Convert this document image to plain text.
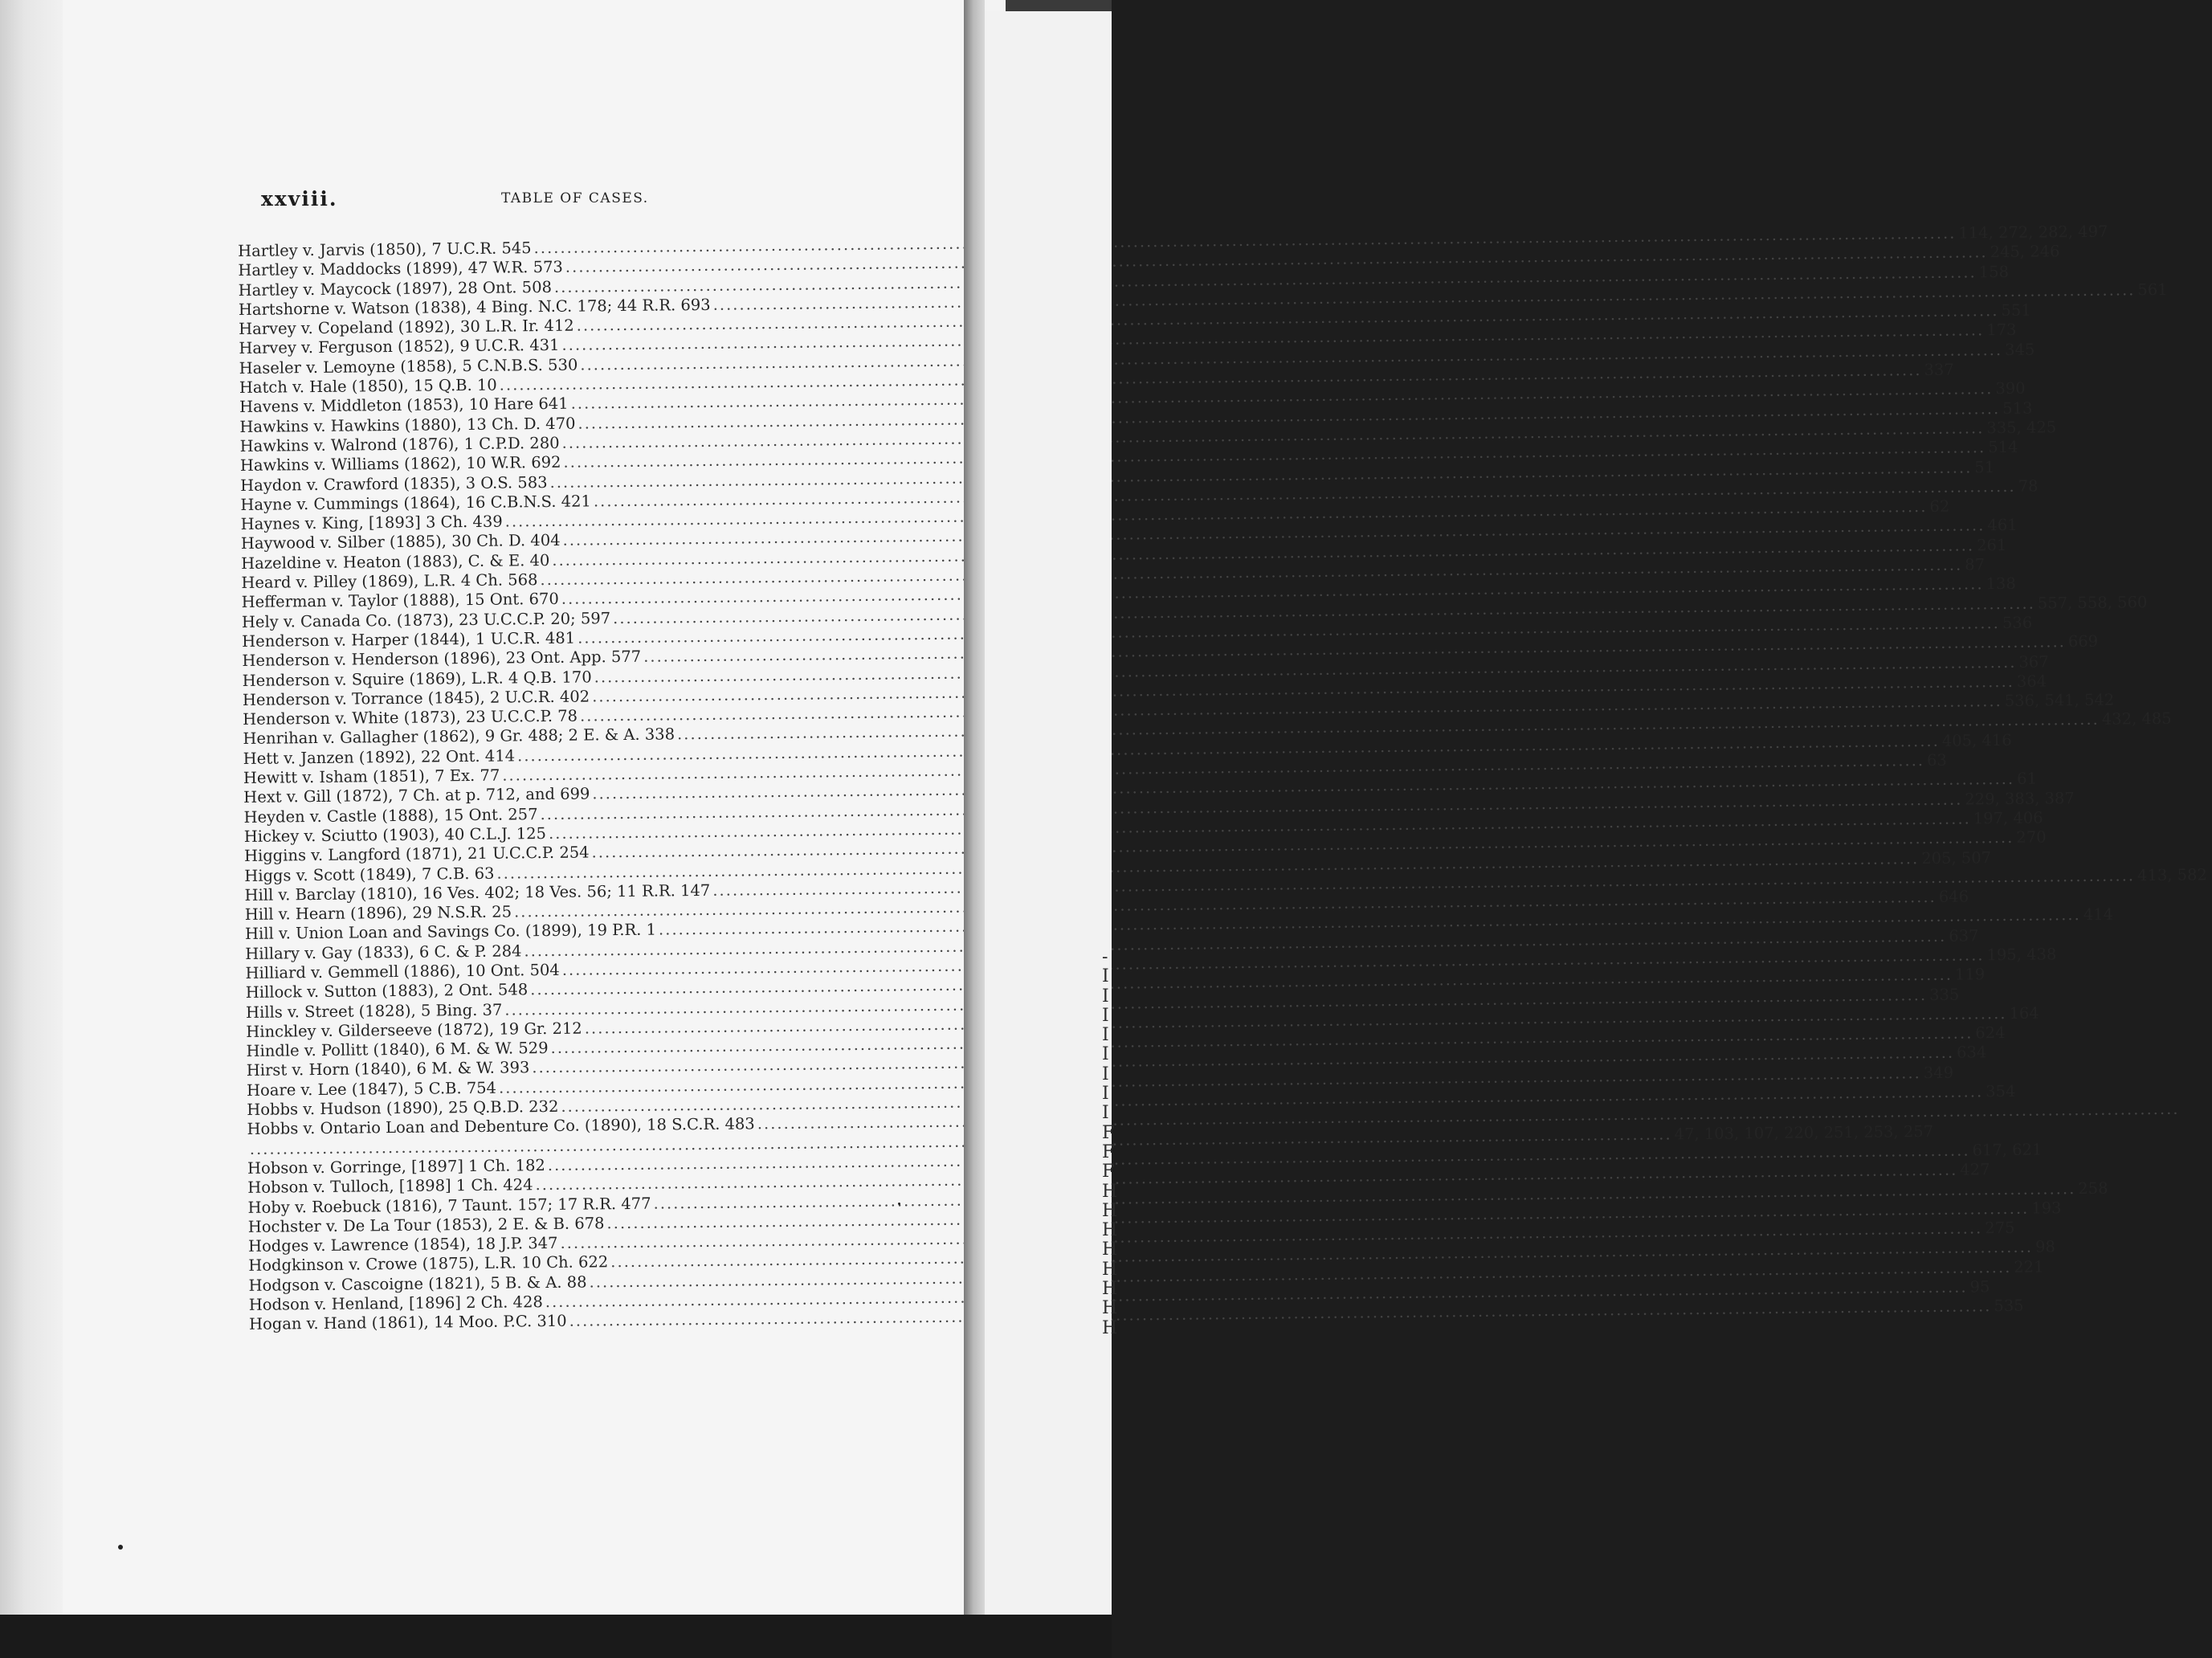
xxviii.	TABLE OF CASES.
Hartley v. Jarvis (1850), 7 U.C.R. 545
.....
114, 272, 282, 497
Hartley v. Maddocks (1899), 47 W.R. 573
.....
245, 246
Hartley v. Maycock (1897), 28 Ont. 508
.....
158
Hartshorne v. Watson (1838), 4 Bing. N.C. 178; 44 R.R. 693
.....
561
Harvey v. Copeland (1892), 30 L.R. Ir. 412
.....
551
Harvey v. Ferguson (1852), 9 U.C.R. 431
.....
173
Haseler v. Lemoyne (1858), 5 C.N.B.S. 530
.....
345
Hatch v. Hale (1850), 15 Q.B. 10
.....
337
Havens v. Middleton (1853), 10 Hare 641
.....
390
Hawkins v. Hawkins (1880), 13 Ch. D. 470
.....
513
Hawkins v. Walrond (1876), 1 C.P.D. 280
.....
335, 425
Hawkins v. Williams (1862), 10 W.R. 692
.....
514
Haydon v. Crawford (1835), 3 O.S. 583
.....
51
Hayne v. Cummings (1864), 16 C.B.N.S. 421
.....
78
Haynes v. King, [1893] 3 Ch. 439
.....
62
Haywood v. Silber (1885), 30 Ch. D. 404
.....
461
Hazeldine v. Heaton (1883), C. & E. 40
.....
261
Heard v. Pilley (1869), L.R. 4 Ch. 568
.....
87
Hefferman v. Taylor (1888), 15 Ont. 670
.....
138
Hely v. Canada Co. (1873), 23 U.C.C.P. 20; 597
.....
557, 558, 560
Henderson v. Harper (1844), 1 U.C.R. 481
.....
536
Henderson v. Henderson (1896), 23 Ont. App. 577
.....
669
Henderson v. Squire (1869), L.R. 4 Q.B. 170
.....
367
Henderson v. Torrance (1845), 2 U.C.R. 402
.....
364
Henderson v. White (1873), 23 U.C.C.P. 78
.....
536, 541, 542
Henrihan v. Gallagher (1862), 9 Gr. 488; 2 E. & A. 338
.....
432, 485
Hett v. Janzen (1892), 22 Ont. 414
.....
405, 416
Hewitt v. Isham (1851), 7 Ex. 77
.....
63
Hext v. Gill (1872), 7 Ch. at p. 712, and 699
.....
61
Heyden v. Castle (1888), 15 Ont. 257
.....
229, 383, 387
Hickey v. Sciutto (1903), 40 C.L.J. 125
.....
197, 406
Higgins v. Langford (1871), 21 U.C.C.P. 254
.....
270
Higgs v. Scott (1849), 7 C.B. 63
.....
205, 507
Hill v. Barclay (1810), 16 Ves. 402; 18 Ves. 56; 11 R.R. 147
.....
413, 582
Hill v. Hearn (1896), 29 N.S.R. 25
.....
646
Hill v. Union Loan and Savings Co. (1899), 19 P.R. 1
.....
414
Hillary v. Gay (1833), 6 C. & P. 284
.....
637
Hilliard v. Gemmell (1886), 10 Ont. 504
.....
195, 438
Hillock v. Sutton (1883), 2 Ont. 548
.....
119
Hills v. Street (1828), 5 Bing. 37
.....
335
Hinckley v. Gilderseeve (1872), 19 Gr. 212
.....
164
Hindle v. Pollitt (1840), 6 M. & W. 529
.....
624
Hirst v. Horn (1840), 6 M. & W. 393
.....
634
Hoare v. Lee (1847), 5 C.B. 754
.....
349
Hobbs v. Hudson (1890), 25 Q.B.D. 232
.....
354
Hobbs v. Ontario Loan and Debenture Co. (1890), 18 S.C.R. 483 ..... .....	47, 103, 107, 220, 251, 253, 257
Hobson v. Gorringe, [1897] 1 Ch. 182
.....
617, 621
Hobson v. Tulloch, [1898] 1 Ch. 424
.....
427
Hoby v. Roebuck (1816), 7 Taunt. 157; 17 R.R. 477
.....
258
Hochster v. De La Tour (1853), 2 E. & B. 678
.....
193
Hodges v. Lawrence (1854), 18 J.P. 347
.....
275
Hodgkinson v. Crowe (1875), L.R. 10 Ch. 622
.....
98
Hodgson v. Cascoigne (1821), 5 B. & A. 88
.....
221
Hodson v. Henland, [1896] 2 Ch. 428
.....
95
Hogan v. Hand (1861), 14 Moo. P.C. 310
.....
535
-
I
I
I
I
I
I
I
I
F
F
F
H
H
H
H
H
H
H
H
